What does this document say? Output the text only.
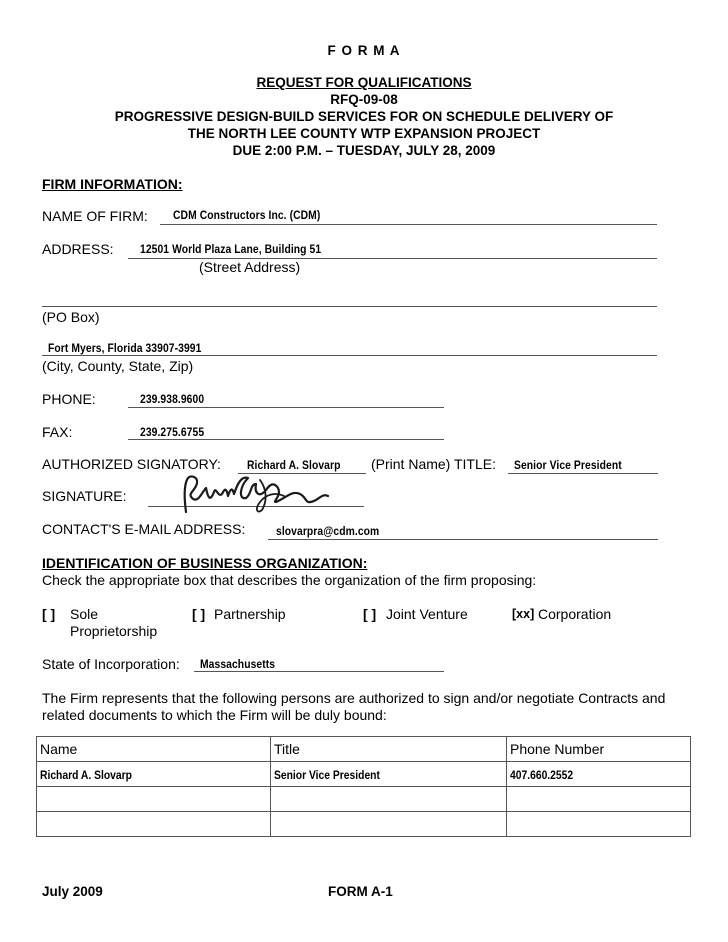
F O R M A
REQUEST FOR QUALIFICATIONS
RFQ-09-08
PROGRESSIVE DESIGN-BUILD SERVICES FOR ON SCHEDULE DELIVERY OF
THE NORTH LEE COUNTY WTP EXPANSION PROJECT
DUE 2:00 P.M. – TUESDAY, JULY 28, 2009
FIRM INFORMATION:
NAME OF FIRM: CDM Constructors Inc. (CDM)
ADDRESS: 12501 World Plaza Lane, Building 51
(Street Address)
(PO Box)
Fort Myers, Florida 33907-3991
(City, County, State, Zip)
PHONE:	239.938.9600
FAX:	239.275.6755
AUTHORIZED SIGNATORY: Richard A. Slovarp (Print Name) TITLE: Senior Vice President
SIGNATURE:
CONTACT'S E-MAIL ADDRESS:	slovarpra@cdm.com
IDENTIFICATION OF BUSINESS ORGANIZATION:
Check the appropriate box that describes the organization of the firm proposing:
[ ] Sole
Proprietorship
[ ] Partnership	[ ] Joint Venture	[xx] Corporation
State of Incorporation: Massachusetts
The Firm represents that the following persons are authorized to sign and/or negotiate Contracts and
related documents to which the Firm will be duly bound:
Name	Title	Phone Number
Richard A. Slovarp	Senior Vice President	407.660.2552

July 2009	FORM A-1
